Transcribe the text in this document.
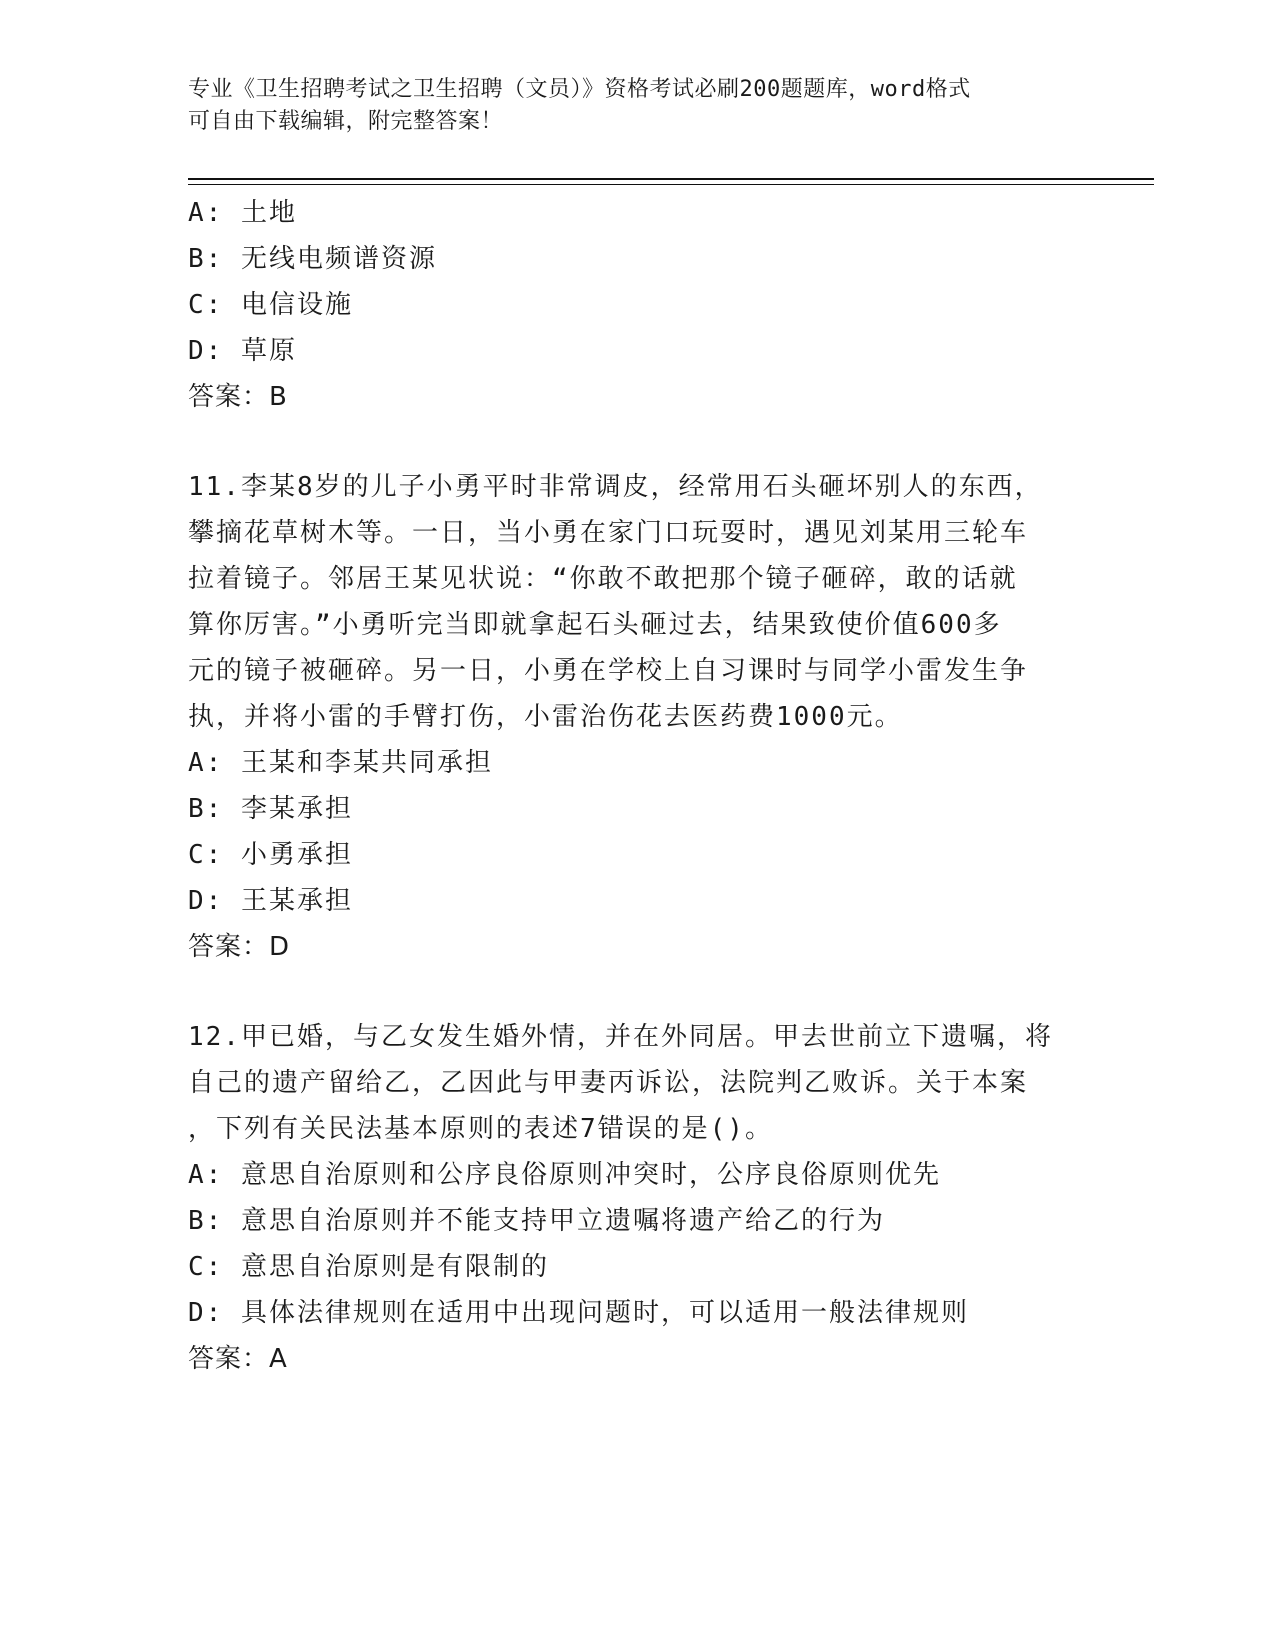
专业《卫生招聘考试之卫生招聘（文员）》资格考试必刷200题题库，word格式
可自由下载编辑，附完整答案！
A: 土地
B: 无线电频谱资源
C: 电信设施
D: 草原
答案：B
11.李某8岁的儿子小勇平时非常调皮，经常用石头砸坏别人的东西，
攀摘花草树木等。一日，当小勇在家门口玩耍时，遇见刘某用三轮车
拉着镜子。邻居王某见状说：“你敢不敢把那个镜子砸碎，敢的话就
算你厉害。”小勇听完当即就拿起石头砸过去，结果致使价值600多
元的镜子被砸碎。另一日，小勇在学校上自习课时与同学小雷发生争
执，并将小雷的手臂打伤，小雷治伤花去医药费1000元。
A: 王某和李某共同承担
B: 李某承担
C: 小勇承担
D: 王某承担
答案：D
12.甲已婚，与乙女发生婚外情，并在外同居。甲去世前立下遗嘱，将
自己的遗产留给乙，乙因此与甲妻丙诉讼，法院判乙败诉。关于本案
，下列有关民法基本原则的表述7错误的是()。
A: 意思自治原则和公序良俗原则冲突时，公序良俗原则优先
B: 意思自治原则并不能支持甲立遗嘱将遗产给乙的行为
C: 意思自治原则是有限制的
D: 具体法律规则在适用中出现问题时，可以适用一般法律规则
答案：A
